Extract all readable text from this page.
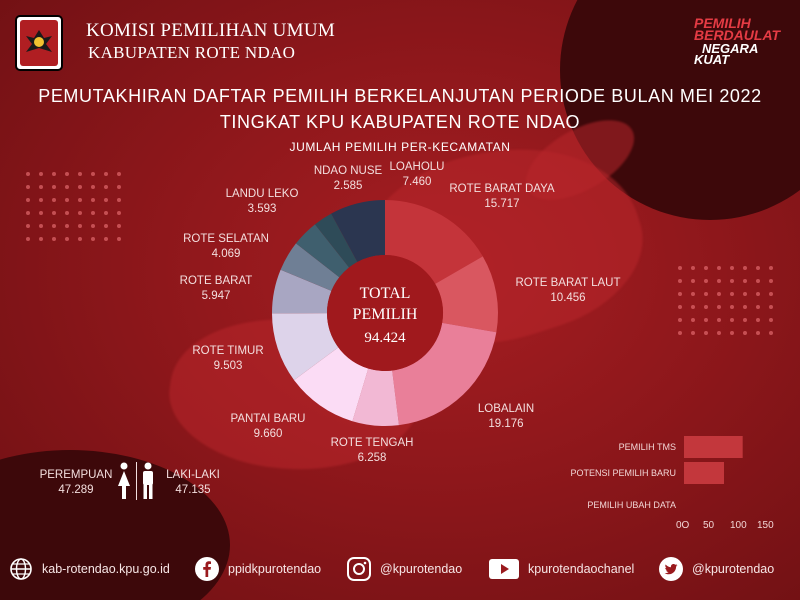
KOMISI PEMILIHAN UMUM
KABUPATEN ROTE NDAO
PEMILIH
BERDAULAT
NEGARA
KUAT
PEMUTAKHIRAN DAFTAR PEMILIH BERKELANJUTAN PERIODE BULAN MEI 2022
TINGKAT KPU KABUPATEN ROTE NDAO
JUMLAH PEMILIH PER-KECAMATAN
ROTE BARAT DAYA
15.717
ROTE BARAT LAUT
10.456
LOBALAIN
19.176
ROTE TENGAH
6.258
PANTAI BARU
9.660
ROTE TIMUR
9.503
ROTE BARAT
5.947
ROTE SELATAN
4.069
LANDU LEKO
3.593
NDAO NUSE
2.585
LOAHOLU
7.460
TOTAL
PEMILIH
94.424
PEREMPUAN
47.289
LAKI-LAKI
47.135
PEMILIH TMS
POTENSI PEMILIH BARU
PEMILIH UBAH DATA
0O 50 100 150
kab-rotendao.kpu.go.id	ppidkpurotendao	@kpurotendao	kpurotendaochanel	@kpurotendao
